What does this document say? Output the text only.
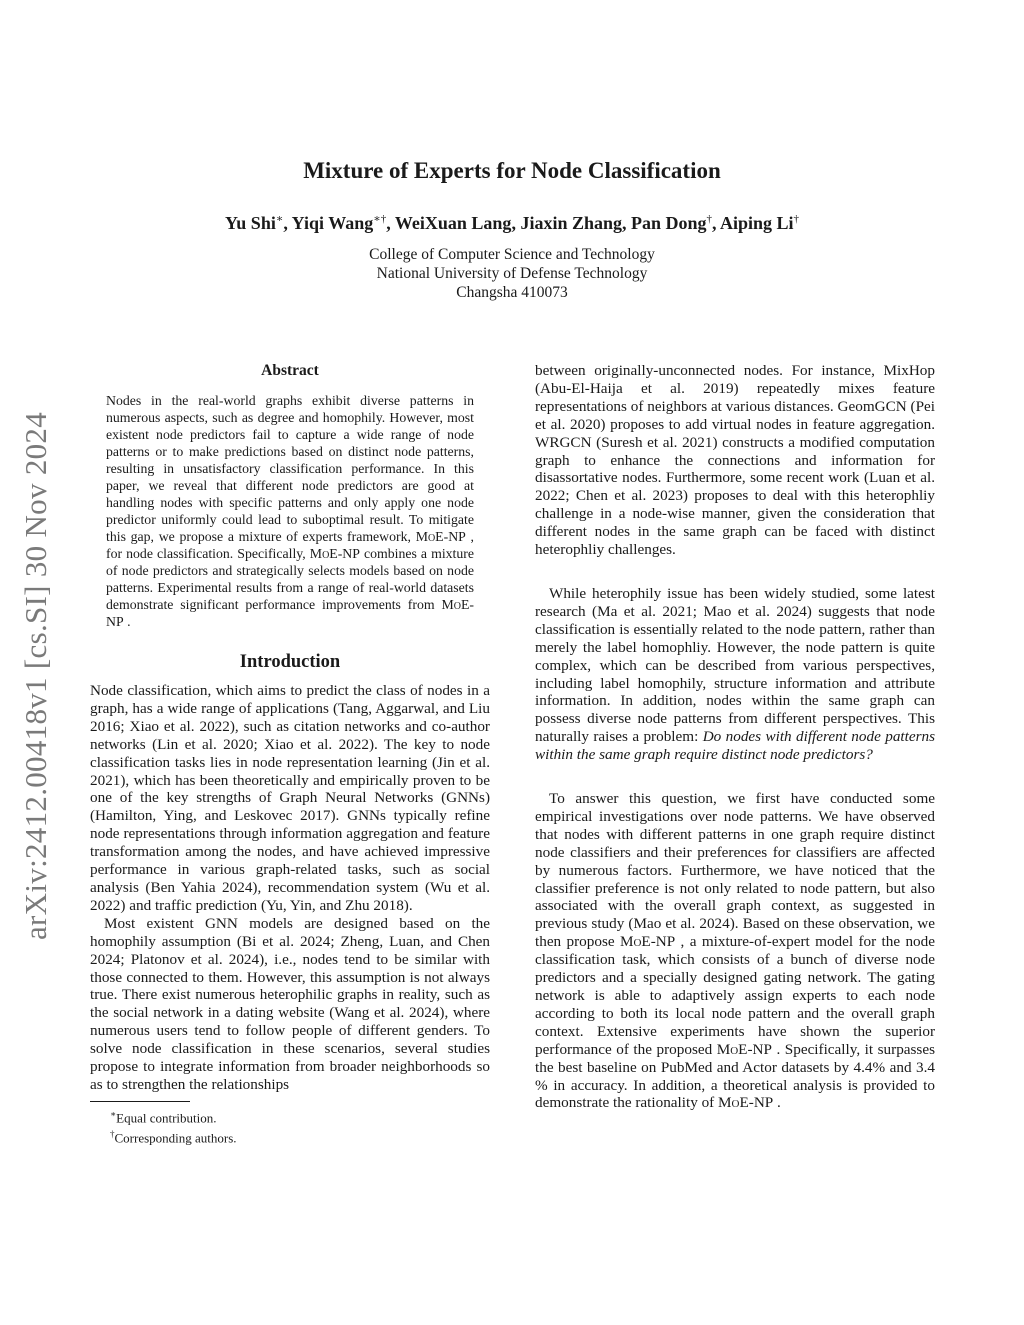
arXiv:2412.00418v1 [cs.SI] 30 Nov 2024
Mixture of Experts for Node Classification
Yu Shi∗, Yiqi Wang∗†, WeiXuan Lang, Jiaxin Zhang, Pan Dong†, Aiping Li†
College of Computer Science and Technology
National University of Defense Technology
Changsha 410073
Abstract

Nodes in the real-world graphs exhibit diverse patterns in numerous aspects, such as degree and homophily. However, most existent node predictors fail to capture a wide range of node patterns or to make predictions based on distinct node patterns, resulting in unsatisfactory classification performance. In this paper, we reveal that different node predictors are good at handling nodes with specific patterns and only apply one node predictor uniformly could lead to suboptimal result. To mitigate this gap, we propose a mixture of experts framework, MoE-NP , for node classification. Specifically, MoE-NP combines a mixture of node predictors and strategically selects models based on node patterns. Experimental results from a range of real-world datasets demonstrate significant performance improvements from MoE-NP .

Introduction

Node classification, which aims to predict the class of nodes in a graph, has a wide range of applications (Tang, Aggarwal, and Liu 2016; Xiao et al. 2022), such as citation networks and co-author networks (Lin et al. 2020; Xiao et al. 2022). The key to node classification tasks lies in node representation learning (Jin et al. 2021), which has been theoretically and empirically proven to be one of the key strengths of Graph Neural Networks (GNNs) (Hamilton, Ying, and Leskovec 2017). GNNs typically refine node representations through information aggregation and feature transformation among the nodes, and have achieved impressive performance in various graph-related tasks, such as social analysis (Ben Yahia 2024), recommendation system (Wu et al. 2022) and traffic prediction (Yu, Yin, and Zhu 2018).

Most existent GNN models are designed based on the homophily assumption (Bi et al. 2024; Zheng, Luan, and Chen 2024; Platonov et al. 2024), i.e., nodes tend to be similar with those connected to them. However, this assumption is not always true. There exist numerous heterophilic graphs in reality, such as the social network in a dating website (Wang et al. 2024), where numerous users tend to follow people of different genders. To solve node classification in these scenarios, several studies propose to integrate information from broader neighborhoods so as to strengthen the relationships

∗Equal contribution.
†Corresponding authors.

between originally-unconnected nodes. For instance, MixHop (Abu-El-Haija et al. 2019) repeatedly mixes feature representations of neighbors at various distances. GeomGCN (Pei et al. 2020) proposes to add virtual nodes in feature aggregation. WRGCN (Suresh et al. 2021) constructs a modified computation graph to enhance the connections and information for disassortative nodes. Furthermore, some recent work (Luan et al. 2022; Chen et al. 2023) proposes to deal with this heterophliy challenge in a node-wise manner, given the consideration that different nodes in the same graph can be faced with distinct heterophliy challenges.

While heterophily issue has been widely studied, some latest research (Ma et al. 2021; Mao et al. 2024) suggests that node classification is essentially related to the node pattern, rather than merely the label homophliy. However, the node pattern is quite complex, which can be described from various perspectives, including label homophily, structure information and attribute information. In addition, nodes within the same graph can possess diverse node patterns from different perspectives. This naturally raises a problem: Do nodes with different node patterns within the same graph require distinct node predictors?

To answer this question, we first have conducted some empirical investigations over node patterns. We have observed that nodes with different patterns in one graph require distinct node classifiers and their preferences for classifiers are affected by numerous factors. Furthermore, we have noticed that the classifier preference is not only related to node pattern, but also associated with the overall graph context, as suggested in previous study (Mao et al. 2024). Based on these observation, we then propose MoE-NP , a mixture-of-expert model for the node classification task, which consists of a bunch of diverse node predictors and a specially designed gating network. The gating network is able to adaptively assign experts to each node according to both its local node pattern and the overall graph context. Extensive experiments have shown the superior performance of the proposed MoE-NP . Specifically, it surpasses the best baseline on PubMed and Actor datasets by 4.4% and 3.4 % in accuracy. In addition, a theoretical analysis is provided to demonstrate the rationality of MoE-NP .
